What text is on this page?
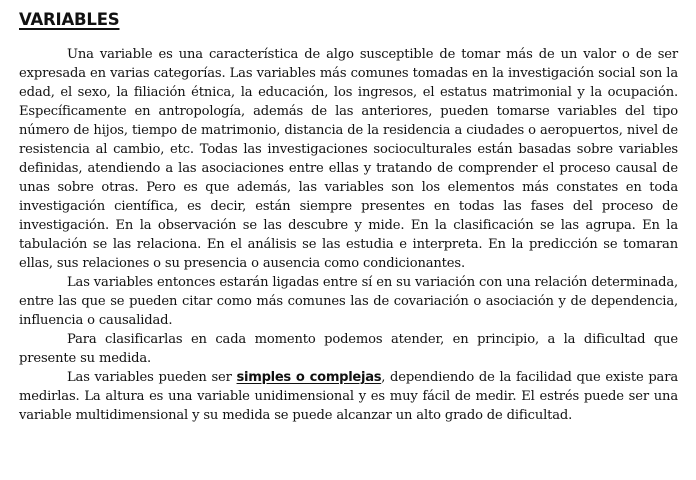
VARIABLES

Una variable es una característica de algo susceptible de tomar más de un valor o de ser expresada en varias categorías. Las variables más comunes tomadas en la investigación social son la edad, el sexo, la filiación étnica, la educación, los ingresos, el estatus matrimonial y la ocupación. Específicamente en antropología, además de las anteriores, pueden tomarse variables del tipo número de hijos, tiempo de matrimonio, distancia de la residencia a ciudades o aeropuertos, nivel de resistencia al cambio, etc. Todas las investigaciones socioculturales están basadas sobre variables definidas, atendiendo a las asociaciones entre ellas y tratando de comprender el proceso causal de unas sobre otras. Pero es que además, las variables son los elementos más constates en toda investigación científica, es decir, están siempre presentes en todas las fases del proceso de investigación. En la observación se las descubre y mide. En la clasificación se las agrupa. En la tabulación se las relaciona. En el análisis se las estudia e interpreta. En la predicción se tomaran ellas, sus relaciones o su presencia o ausencia como condicionantes.

Las variables entonces estarán ligadas entre sí en su variación con una relación determinada, entre las que se pueden citar como más comunes las de covariación o asociación y de dependencia, influencia o causalidad.

Para clasificarlas en cada momento podemos atender, en principio, a la dificultad que presente su medida.

Las variables pueden ser simples o complejas, dependiendo de la facilidad que existe para medirlas. La altura es una variable unidimensional y es muy fácil de medir. El estrés puede ser una variable multidimensional y su medida se puede alcanzar un alto grado de dificultad.
